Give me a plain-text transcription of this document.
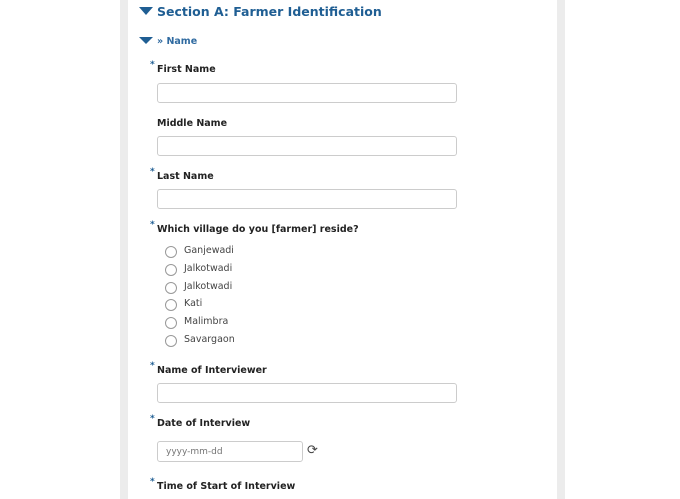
Section A: Farmer Identification
» Name
* First Name
Middle Name
* Last Name
* Which village do you [farmer] reside?
Ganjewadi
Jalkotwadi
Jalkotwadi
Kati
Malimbra
Savargaon
* Name of Interviewer
* Date of Interview
yyyy-mm-dd
⟳
* Time of Start of Interview
